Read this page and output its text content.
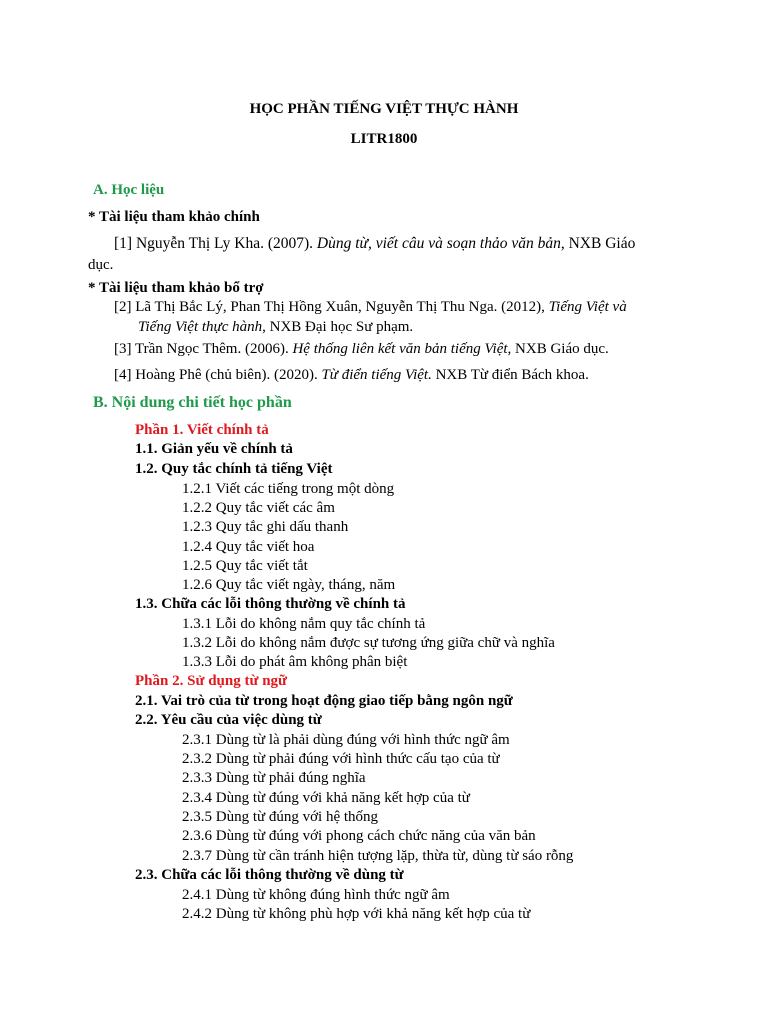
HỌC PHẦN TIẾNG VIỆT THỰC HÀNH
LITR1800
A. Học liệu
* Tài liệu tham khảo chính
[1] Nguyễn Thị Ly Kha. (2007). Dùng từ, viết câu và soạn thảo văn bản, NXB Giáo
dục.
* Tài liệu tham khảo bổ trợ
[2] Lã Thị Bắc Lý, Phan Thị Hồng Xuân, Nguyễn Thị Thu Nga. (2012), Tiếng Việt và
Tiếng Việt thực hành, NXB Đại học Sư phạm.
[3] Trần Ngọc Thêm. (2006). Hệ thống liên kết văn bản tiếng Việt, NXB Giáo dục.
[4] Hoàng Phê (chủ biên). (2020). Từ điển tiếng Việt. NXB Từ điển Bách khoa.
B. Nội dung chi tiết học phần
Phần 1. Viết chính tả
1.1. Giản yếu về chính tả
1.2. Quy tắc chính tả tiếng Việt
1.2.1 Viết các tiếng trong một dòng
1.2.2 Quy tắc viết các âm
1.2.3 Quy tắc ghi dấu thanh
1.2.4 Quy tắc viết hoa
1.2.5 Quy tắc viết tắt
1.2.6 Quy tắc viết ngày, tháng, năm
1.3. Chữa các lỗi thông thường về chính tả
1.3.1 Lỗi do không nắm quy tắc chính tả
1.3.2 Lỗi do không nắm được sự tương ứng giữa chữ và nghĩa
1.3.3 Lỗi do phát âm không phân biệt
Phần 2. Sử dụng từ ngữ
2.1. Vai trò của từ trong hoạt động giao tiếp bằng ngôn ngữ
2.2. Yêu cầu của việc dùng từ
2.3.1 Dùng từ là phải dùng đúng với hình thức ngữ âm
2.3.2 Dùng từ phải đúng với hình thức cấu tạo của từ
2.3.3 Dùng từ phải đúng nghĩa
2.3.4 Dùng từ đúng với khả năng kết hợp của từ
2.3.5 Dùng từ đúng với hệ thống
2.3.6 Dùng từ đúng với phong cách chức năng của văn bản
2.3.7 Dùng từ cần tránh hiện tượng lặp, thừa từ, dùng từ sáo rỗng
2.3. Chữa các lỗi thông thường về dùng từ
2.4.1 Dùng từ không đúng hình thức ngữ âm
2.4.2 Dùng từ không phù hợp với khả năng kết hợp của từ
